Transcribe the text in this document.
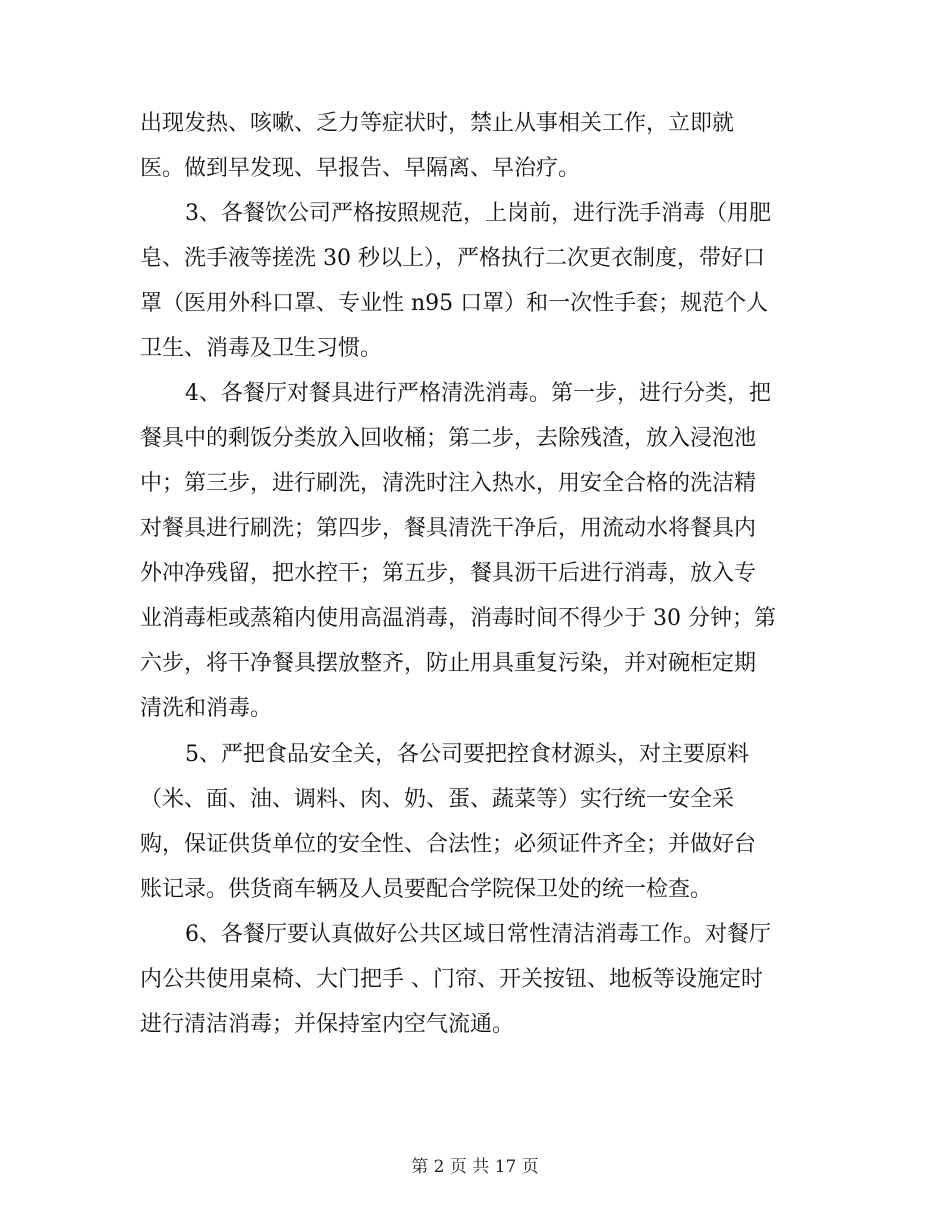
出现发热、咳嗽、乏力等症状时，禁止从事相关工作，立即就
医。做到早发现、早报告、早隔离、早治疗。
3、各餐饮公司严格按照规范，上岗前，进行洗手消毒（用肥
皂、洗手液等搓洗 30 秒以上），严格执行二次更衣制度，带好口
罩（医用外科口罩、专业性 n95 口罩）和一次性手套；规范个人
卫生、消毒及卫生习惯。
4、各餐厅对餐具进行严格清洗消毒。第一步，进行分类，把
餐具中的剩饭分类放入回收桶；第二步，去除残渣，放入浸泡池
中；第三步，进行刷洗，清洗时注入热水，用安全合格的洗洁精
对餐具进行刷洗；第四步，餐具清洗干净后，用流动水将餐具内
外冲净残留，把水控干；第五步，餐具沥干后进行消毒，放入专
业消毒柜或蒸箱内使用高温消毒，消毒时间不得少于 30 分钟；第
六步，将干净餐具摆放整齐，防止用具重复污染，并对碗柜定期
清洗和消毒。
5、严把食品安全关，各公司要把控食材源头，对主要原料
（米、面、油、调料、肉、奶、蛋、蔬菜等）实行统一安全采
购，保证供货单位的安全性、合法性；必须证件齐全；并做好台
账记录。供货商车辆及人员要配合学院保卫处的统一检查。
6、各餐厅要认真做好公共区域日常性清洁消毒工作。对餐厅
内公共使用桌椅、大门把手 、门帘、开关按钮、地板等设施定时
进行清洁消毒；并保持室内空气流通。
第 2 页 共 17 页
